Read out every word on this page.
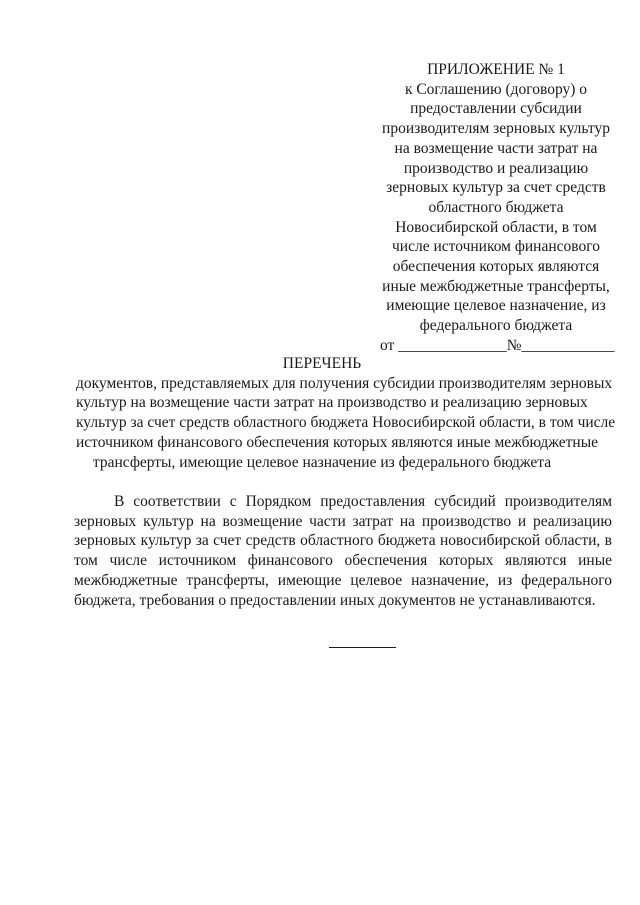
ПРИЛОЖЕНИЕ № 1
к Соглашению (договору) о
предоставлении субсидии
производителям зерновых культур
на возмещение части затрат на
производство и реализацию
зерновых культур за счет средств
областного бюджета
Новосибирской области, в том
числе источником финансового
обеспечения которых являются
иные межбюджетные трансферты,
имеющие целевое назначение, из
федерального бюджета
от ______________№____________
ПЕРЕЧЕНЬ
документов, представляемых для получения субсидии производителям зерновых
культур на возмещение части затрат на производство и реализацию зерновых
культур за счет средств областного бюджета Новосибирской области, в том числе
источником финансового обеспечения которых являются иные межбюджетные
трансферты, имеющие целевое назначение из федерального бюджета
В соответствии с Порядком предоставления субсидий производителям
зерновых культур на возмещение части затрат на производство и реализацию
зерновых культур за счет средств областного бюджета новосибирской области, в
том числе источником финансового обеспечения которых являются иные
межбюджетные трансферты, имеющие целевое назначение, из федерального
бюджета, требования о предоставлении иных документов не устанавливаются.
